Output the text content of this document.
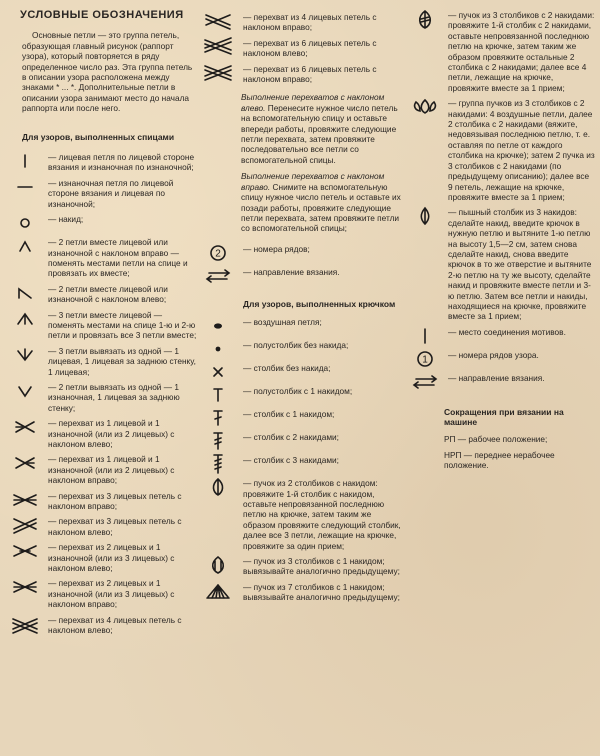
УСЛОВНЫЕ ОБОЗНАЧЕНИЯ
Основные петли — это группа петель, образующая главный рисунок (раппорт узора), который повторяется в ряду определенное число раз. Эта группа петель в описании узора расположена между знаками * ... *. Дополнительные петли в описании узора занимают место до начала раппорта или после него.
Для узоров, выполненных спицами
— лицевая петля по лицевой стороне вязания и изнаночная по изнаночной;
— изнаночная петля по лицевой стороне вязания и лицевая по изнаночной;
— накид;
— 2 петли вместе лицевой или изнаночной с наклоном вправо — поменять местами петли на спице и провязать их вместе;
— 2 петли вместе лицевой или изнаночной с наклоном влево;
— 3 петли вместе лицевой — поменять местами на спице 1-ю и 2-ю петли и провязать все 3 петли вместе;
— 3 петли вывязать из одной — 1 лицевая, 1 лицевая за заднюю стенку, 1 лицевая;
— 2 петли вывязать из одной — 1 изнаночная, 1 лицевая за заднюю стенку;
— перехват из 1 лицевой и 1 изнаночной (или из 2 лицевых) с наклоном влево;
— перехват из 1 лицевой и 1 изнаночной (или из 2 лицевых) с наклоном вправо;
— перехват из 3 лицевых петель с наклоном вправо;
— перехват из 3 лицевых петель с наклоном влево;
— перехват из 2 лицевых и 1 изнаночной (или из 3 лицевых) с наклоном влево;
— перехват из 2 лицевых и 1 изнаночной (или из 3 лицевых) с наклоном вправо;
— перехват из 4 лицевых петель с наклоном влево;
— перехват из 4 лицевых петель с наклоном вправо;
— перехват из 6 лицевых петель с наклоном влево;
— перехват из 6 лицевых петель с наклоном вправо;
Выполнение перехватов с наклоном влево. Перенесите нужное число петель на вспомогательную спицу и оставьте впереди работы, провяжите следующие петли перехвата, затем провяжите последовательно все петли со вспомогательной спицы.
Выполнение перехватов с наклоном вправо. Снимите на вспомогательную спицу нужное число петель и оставьте их позади работы, провяжите следующие петли перехвата, затем провяжите петли со вспомогательной спицы;
2	— номера рядов;
— направление вязания.
Для узоров, выполненных крючком
— воздушная петля;
— полустолбик без накида;
— столбик без накида;
— полустолбик с 1 накидом;
— столбик с 1 накидом;
— столбик с 2 накидами;
— столбик с 3 накидами;
— пучок из 2 столбиков с накидом: провяжите 1-й столбик с накидом, оставьте непровязанной последнюю петлю на крючке, затем таким же образом провяжите следующий столбик, далее все 3 петли, лежащие на крючке, провяжите за один прием;
— пучок из 3 столбиков с 1 накидом; вывязывайте аналогично предыдущему;
— пучок из 7 столбиков с 1 накидом; вывязывайте аналогично предыдущему;
— пучок из 3 столбиков с 2 накидами: провяжите 1-й столбик с 2 накидами, оставьте непровязанной последнюю петлю на крючке, затем таким же образом провяжите остальные 2 столбика с 2 накидами; далее все 4 петли, лежащие на крючке, провяжите вместе за 1 прием;
— группа пучков из 3 столбиков с 2 накидами: 4 воздушные петли, далее 2 столбика с 2 накидами (вяжите, недовязывая последнюю петлю, т. е. оставляя по петле от каждого столбика на крючке); затем 2 пучка из 3 столбиков с 2 накидами (по предыдущему описанию); далее все 9 петель, лежащие на крючке, провяжите вместе за 1 прием;
— пышный столбик из 3 накидов: сделайте накид, введите крючок в нужную петлю и вытяните 1-ю петлю на высоту 1,5—2 см, затем снова сделайте накид, снова введите крючок в то же отверстие и вытяните 2-ю петлю на ту же высоту, сделайте накид и провяжите вместе петли и 3-ю петлю. Затем все петли и накиды, находящиеся на крючке, провяжите вместе за 1 прием;
— место соединения мотивов.
1 — номера рядов узора.
— направление вязания.
Сокращения при вязании на машине
РП — рабочее положение;
НРП — переднее нерабочее положение.
